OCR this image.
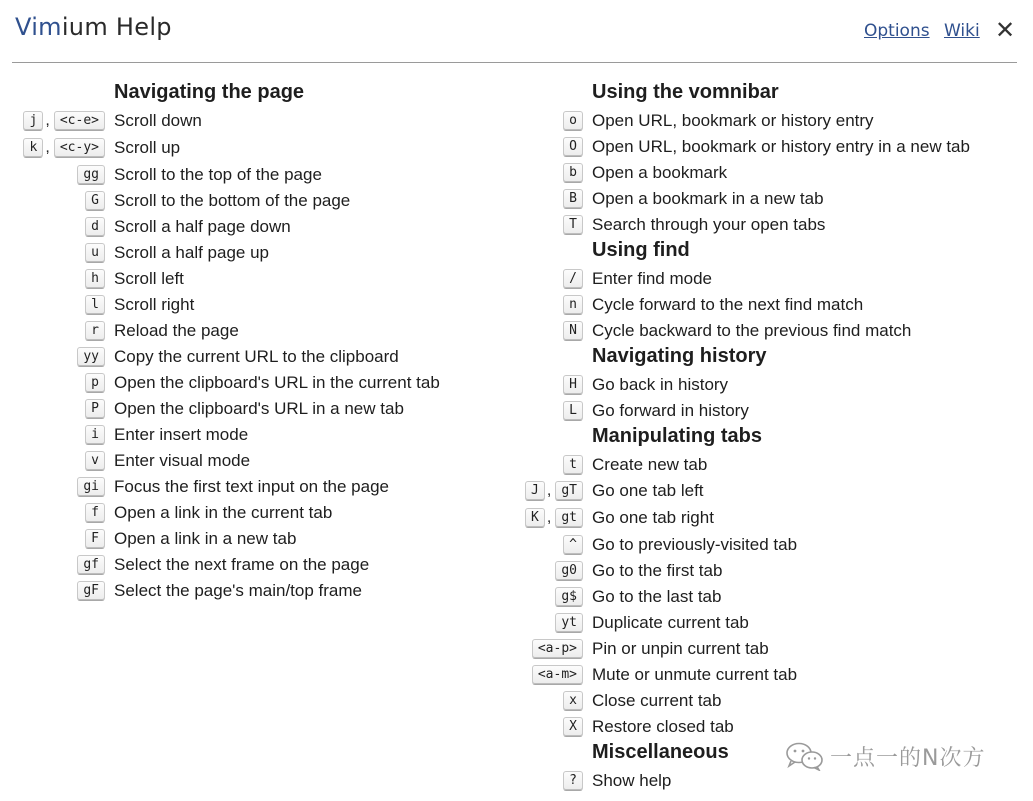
Vimium Help	Options Wiki ✕
Navigating the page
j , <c-e> Scroll down
k , <c-y> Scroll up
gg Scroll to the top of the page
G Scroll to the bottom of the page
d Scroll a half page down
u Scroll a half page up
h Scroll left
l Scroll right
r Reload the page
yy Copy the current URL to the clipboard
p Open the clipboard's URL in the current tab
P Open the clipboard's URL in a new tab
i Enter insert mode
v Enter visual mode
gi Focus the first text input on the page
f Open a link in the current tab
F Open a link in a new tab
gf Select the next frame on the page
gF Select the page's main/top frame
Using the vomnibar
o Open URL, bookmark or history entry
O Open URL, bookmark or history entry in a new tab
b Open a bookmark
B Open a bookmark in a new tab
T Search through your open tabs
Using find
/ Enter find mode
n Cycle forward to the next find match
N Cycle backward to the previous find match
Navigating history
H Go back in history
L Go forward in history
Manipulating tabs
t Create new tab
J , gT Go one tab left
K , gt Go one tab right
^ Go to previously-visited tab
g0 Go to the first tab
g$ Go to the last tab
yt Duplicate current tab
<a-p> Pin or unpin current tab
<a-m> Mute or unmute current tab
x Close current tab
X Restore closed tab
Miscellaneous
? Show help
一点一的N次方
